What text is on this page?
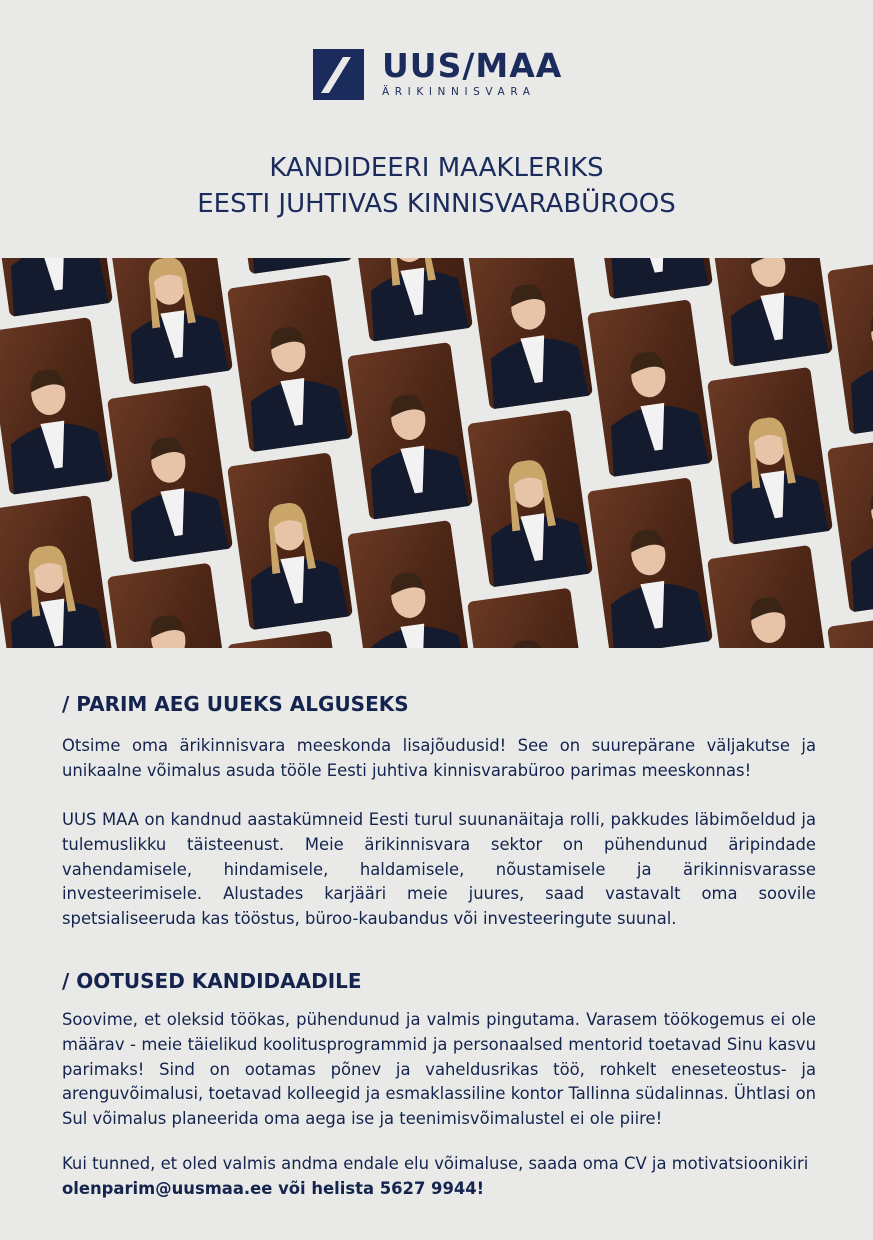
UUS/MAA
ÄRIKINNISVARA
KANDIDEERI MAAKLERIKS
EESTI JUHTIVAS KINNISVARABÜROOS
/ PARIM AEG UUEKS ALGUSEKS
Otsime oma ärikinnisvara meeskonda lisajõudusid! See on suurepärane väljakutse ja unikaalne võimalus asuda tööle Eesti juhtiva kinnisvarabüroo parimas meeskonnas!
UUS MAA on kandnud aastakümneid Eesti turul suunanäitaja rolli, pakkudes läbimõeldud ja tulemuslikku täisteenust. Meie ärikinnisvara sektor on pühendunud äripindade vahendamisele, hindamisele, haldamisele, nõustamisele ja ärikinnisvarasse investeerimisele. Alustades karjääri meie juures, saad vastavalt oma soovile spetsialiseeruda kas tööstus, büroo-kaubandus või investeeringute suunal.
/ OOTUSED KANDIDAADILE
Soovime, et oleksid töökas, pühendunud ja valmis pingutama. Varasem töökogemus ei ole määrav - meie täielikud koolitusprogrammid ja personaalsed mentorid toetavad Sinu kasvu parimaks! Sind on ootamas põnev ja vaheldusrikas töö, rohkelt eneseteostus- ja arenguvõimalusi, toetavad kolleegid ja esmaklassiline kontor Tallinna südalinnas. Ühtlasi on Sul võimalus planeerida oma aega ise ja teenimisvõimalustel ei ole piire!
Kui tunned, et oled valmis andma endale elu võimaluse, saada oma CV ja motivatsioonikiri
olenparim@uusmaa.ee või helista 5627 9944!
